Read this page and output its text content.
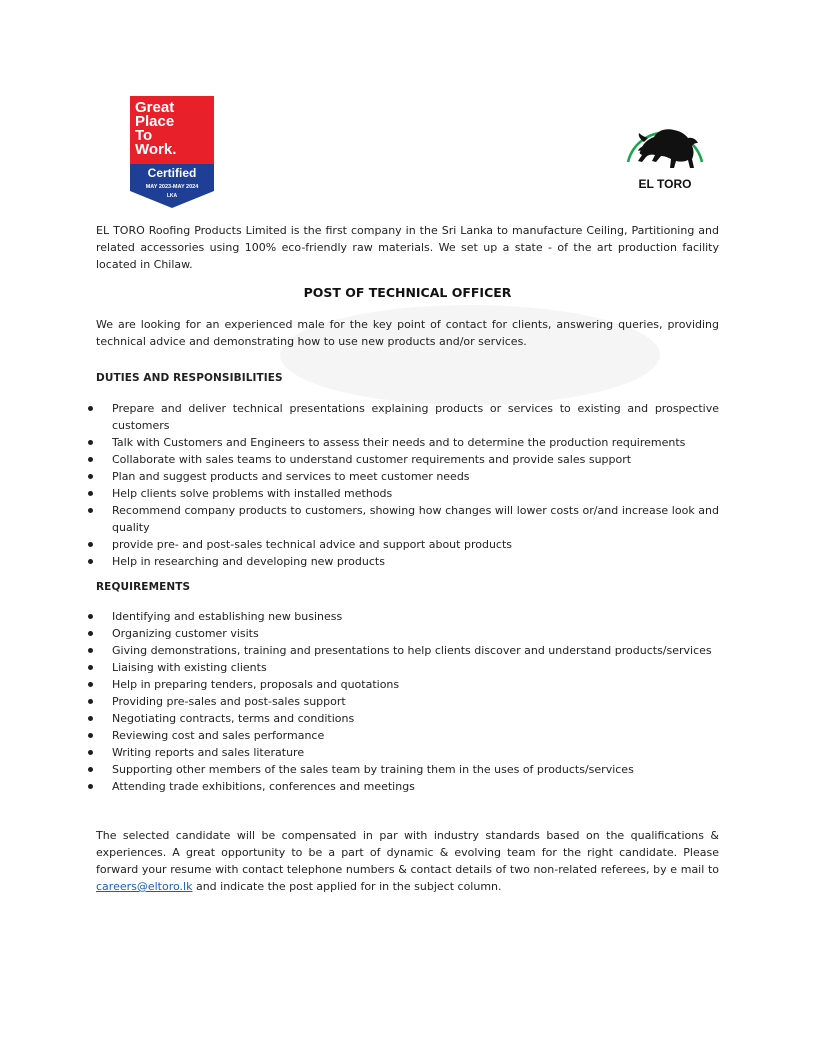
Great
Place
To
Work.
Certified
MAY 2023-MAY 2024
LKA
EL TORO

EL TORO Roofing Products Limited is the first company in the Sri Lanka to manufacture Ceiling, Partitioning and related accessories using 100% eco-friendly raw materials. We set up a state - of the art production facility located in Chilaw.

POST OF TECHNICAL OFFICER

We are looking for an experienced male for the key point of contact for clients, answering queries, providing technical advice and demonstrating how to use new products and/or services.

DUTIES AND RESPONSIBILITIES
Prepare and deliver technical presentations explaining products or services to existing and prospective customers
Talk with Customers and Engineers to assess their needs and to determine the production requirements
Collaborate with sales teams to understand customer requirements and provide sales support
Plan and suggest products and services to meet customer needs
Help clients solve problems with installed methods
Recommend company products to customers, showing how changes will lower costs or/and increase look and quality
provide pre- and post-sales technical advice and support about products
Help in researching and developing new products
REQUIREMENTS
Identifying and establishing new business
Organizing customer visits
Giving demonstrations, training and presentations to help clients discover and understand products/services
Liaising with existing clients
Help in preparing tenders, proposals and quotations
Providing pre-sales and post-sales support
Negotiating contracts, terms and conditions
Reviewing cost and sales performance
Writing reports and sales literature
Supporting other members of the sales team by training them in the uses of products/services
Attending trade exhibitions, conferences and meetings

The selected candidate will be compensated in par with industry standards based on the qualifications & experiences. A great opportunity to be a part of dynamic & evolving team for the right candidate. Please forward your resume with contact telephone numbers & contact details of two non-related referees, by e mail to careers@eltoro.lk and indicate the post applied for in the subject column.
